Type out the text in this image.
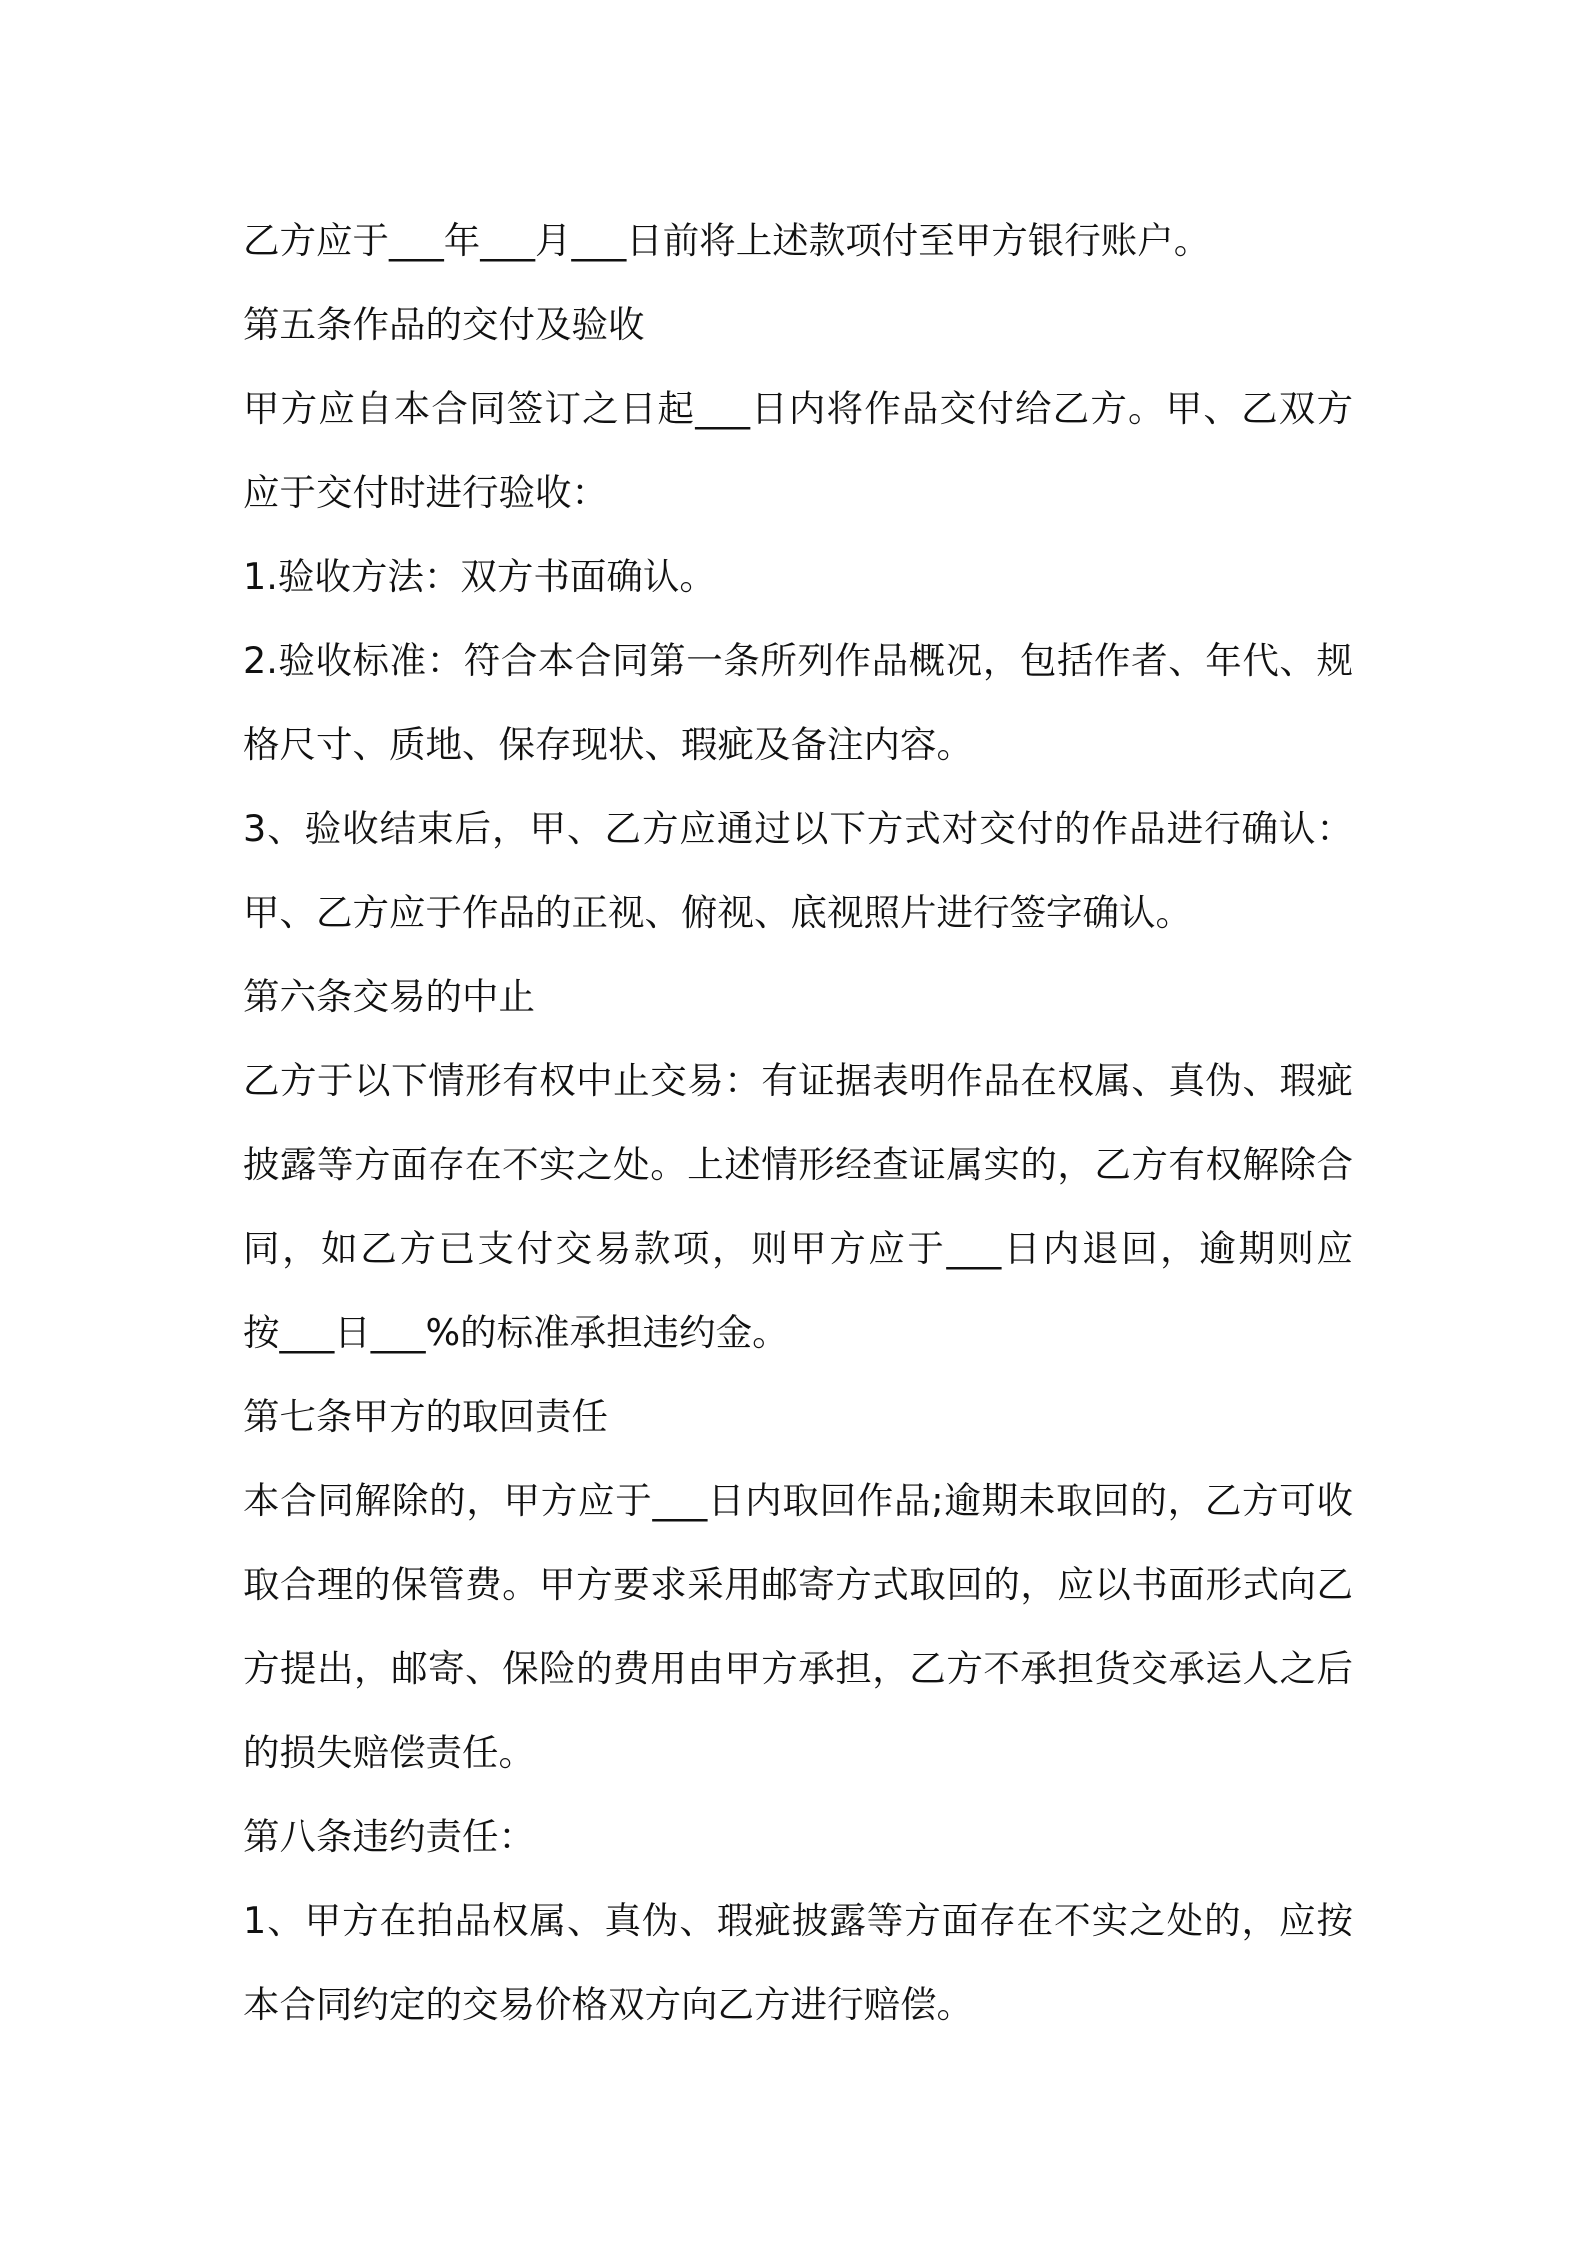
乙方应于___年___月___日前将上述款项付至甲方银行账户。
第五条作品的交付及验收
甲方应自本合同签订之日起___日内将作品交付给乙方。甲、乙双方
应于交付时进行验收：
1.验收方法：双方书面确认。
2.验收标准：符合本合同第一条所列作品概况，包括作者、年代、规
格尺寸、质地、保存现状、瑕疵及备注内容。
3、验收结束后，甲、乙方应通过以下方式对交付的作品进行确认：
甲、乙方应于作品的正视、俯视、底视照片进行签字确认。
第六条交易的中止
乙方于以下情形有权中止交易：有证据表明作品在权属、真伪、瑕疵
披露等方面存在不实之处。上述情形经查证属实的，乙方有权解除合
同，如乙方已支付交易款项，则甲方应于___日内退回，逾期则应
按___日___%的标准承担违约金。
第七条甲方的取回责任
本合同解除的，甲方应于___日内取回作品;逾期未取回的，乙方可收
取合理的保管费。甲方要求采用邮寄方式取回的，应以书面形式向乙
方提出，邮寄、保险的费用由甲方承担，乙方不承担货交承运人之后
的损失赔偿责任。
第八条违约责任：
1、甲方在拍品权属、真伪、瑕疵披露等方面存在不实之处的，应按
本合同约定的交易价格双方向乙方进行赔偿。
